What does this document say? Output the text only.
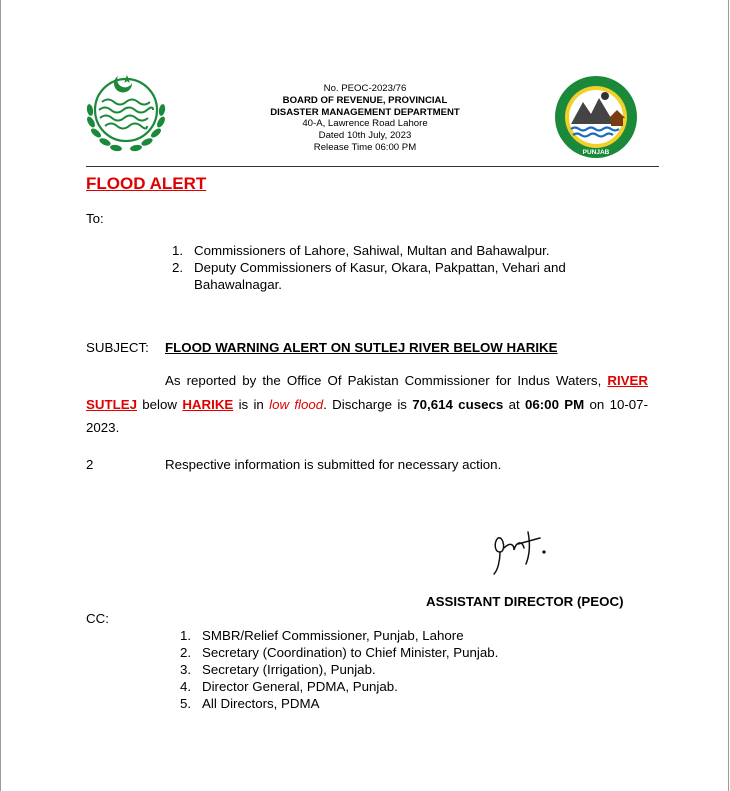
No. PEOC-2023/76
BOARD OF REVENUE, PROVINCIAL
DISASTER MANAGEMENT DEPARTMENT
40-A, Lawrence Road Lahore
Dated 10th July, 2023
Release Time 06:00 PM	PUNJAB
FLOOD ALERT
To:
1. Commissioners of Lahore, Sahiwal, Multan and Bahawalpur.
2. Deputy Commissioners of Kasur, Okara, Pakpattan, Vehari and Bahawalnagar.
SUBJECT: FLOOD WARNING ALERT ON SUTLEJ RIVER BELOW HARIKE
As reported by the Office Of Pakistan Commissioner for Indus Waters, RIVER SUTLEJ below HARIKE is in low flood. Discharge is 70,614 cusecs at 06:00 PM on 10-07-2023.
2	Respective information is submitted for necessary action.
ASSISTANT DIRECTOR (PEOC)
CC:
1. SMBR/Relief Commissioner, Punjab, Lahore
2. Secretary (Coordination) to Chief Minister, Punjab.
3. Secretary (Irrigation), Punjab.
4. Director General, PDMA, Punjab.
5. All Directors, PDMA
